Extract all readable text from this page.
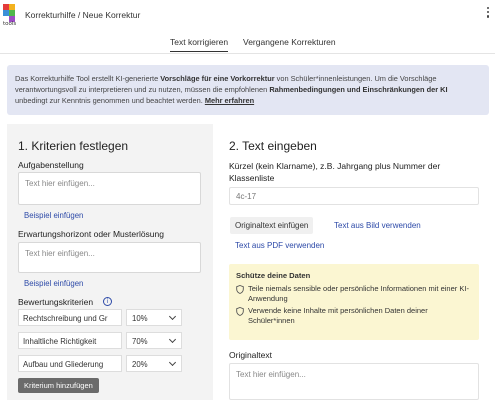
tools
Korrekturhilfe / Neue Korrektur
Text korrigieren Vergangene Korrekturen
Das Korrekturhilfe Tool erstellt KI-generierte Vorschläge für eine Vorkorrektur von Schüler*innenleistungen. Um die Vorschläge verantwortungsvoll zu interpretieren und zu nutzen, müssen die empfohlenen Rahmenbedingungen und Einschränkungen der KI unbedingt zur Kenntnis genommen und beachtet werden. Mehr erfahren
1. Kriterien festlegen
Aufgabenstellung
Text hier einfügen...
Beispiel einfügen
Erwartungshorizont oder Musterlösung
Text hier einfügen...
Beispiel einfügen
Bewertungskriterien	i
Rechtschreibung und Gr	10%
Inhaltliche Richtigkeit	70%
Aufbau und Gliederung	20%
Kriterium hinzufügen
2. Text eingeben
Kürzel (kein Klarname), z.B. Jahrgang plus Nummer der Klassenliste
4c-17
Originaltext einfügen	Text aus Bild verwenden
Text aus PDF verwenden
Schütze deine Daten
Teile niemals sensible oder persönliche Informationen mit einer KI-Anwendung
Verwende keine Inhalte mit persönlichen Daten deiner Schüler*innen
Originaltext
Text hier einfügen...
